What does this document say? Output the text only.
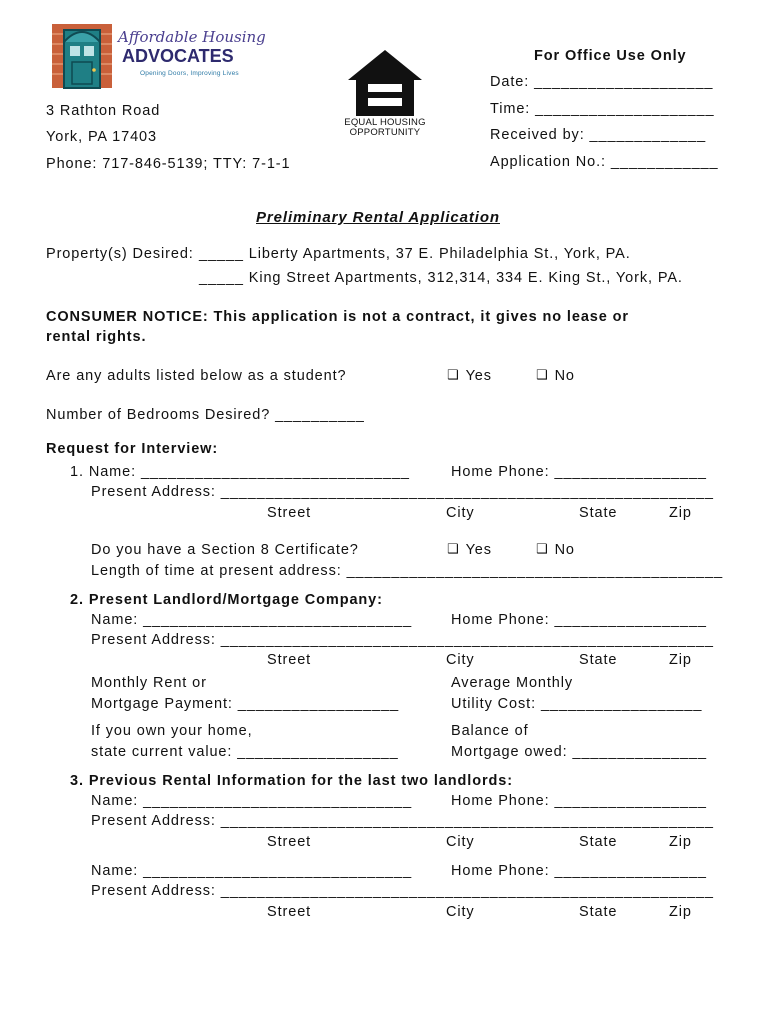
Affordable Housing
ADVOCATES
Opening Doors, Improving Lives
EQUAL HOUSING
OPPORTUNITY
3 Rathton Road
York, PA 17403
Phone: 717-846-5139; TTY: 7-1-1
For Office Use Only
Date: ____________________
Time: ____________________
Received by: _____________
Application No.: ____________
Preliminary Rental Application
Property(s) Desired: _____ Liberty Apartments, 37 E. Philadelphia St., York, PA.
_____ King Street Apartments, 312,314, 334 E. King St., York, PA.
CONSUMER NOTICE: This application is not a contract, it gives no lease or
rental rights.
Are any adults listed below as a student?	❑ Yes	❑ No
Number of Bedrooms Desired? __________
Request for Interview:
1. Name: ______________________________	Home Phone: _________________
Present Address: _______________________________________________________
Street	City	State	Zip
Do you have a Section 8 Certificate?	❑ Yes	❑ No
Length of time at present address: __________________________________________
2. Present Landlord/Mortgage Company:
Name: ______________________________	Home Phone: _________________
Present Address: _______________________________________________________
Street	City	State	Zip
Monthly Rent or
Mortgage Payment: __________________
Average Monthly
Utility Cost: __________________
If you own your home,
state current value: __________________
Balance of
Mortgage owed: _______________
3. Previous Rental Information for the last two landlords:
Name: ______________________________	Home Phone: _________________
Present Address: _______________________________________________________
Street	City	State	Zip
Name: ______________________________	Home Phone: _________________
Present Address: _______________________________________________________
Street	City	State	Zip
